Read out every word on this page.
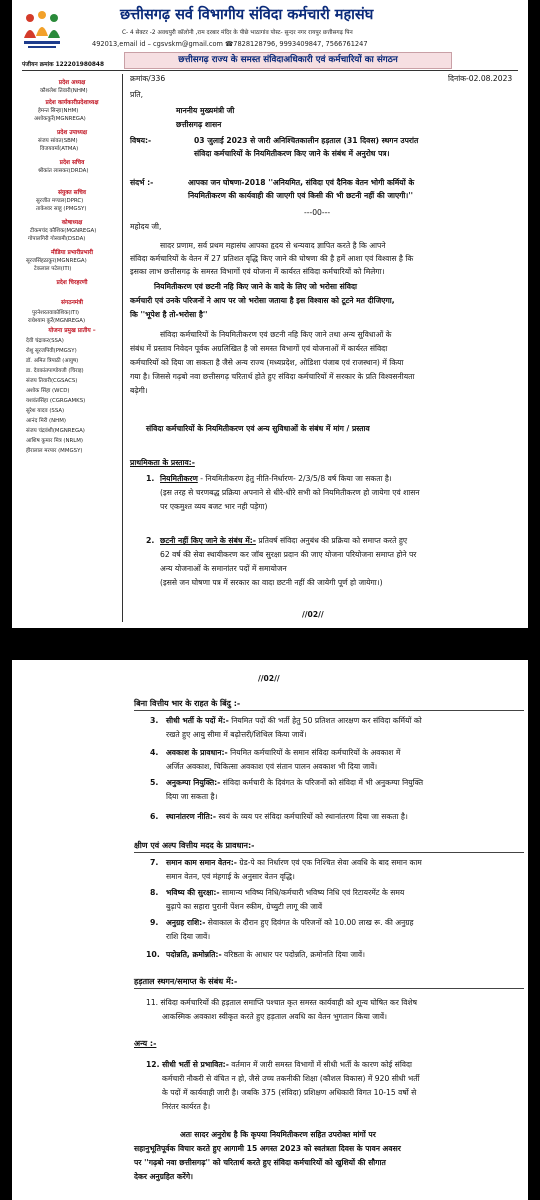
छत्तीसगढ़ सर्व विभागीय संविदा कर्मचारी महासंघ
C- 4 सेक्टर -2 अवधपुरी कॉलोनी ,राम दरबार मंदिर के पीछे भाठागांव पोस्ट- सुन्दर नगर रायपुर छत्तीसगढ़ पिन
492013,email id – cgsvskm@gmail.com ☎7828128796, 9993409847, 7566761247
पंजीयन क्रमांक 122201980848	छत्तीसगढ़ राज्य के समस्त संविदाअधिकारी एवं कर्मचारियों का संगठन
प्रदेश अध्यक्ष
कौशलेश तिवारी(NHM)
प्रदेश कार्यकारीप्रदेशाध्यक्ष
हेमन्त सिन्हा(NHM)
अशोककुर्रे(MGNREGA)
प्रदेश उपाध्यक्ष
संजय सांवत(SBM)
विजयवर्मा(ATMA)
प्रदेश सचिव
श्रीकांत लासकर(DRDA)
संयुक्त सचिव
सुरजीत मण्डल(DPRC)
ताकेश्वर साहू (PMGSY)
कोषाध्यक्ष
टीकमचंद कौशिक(MGNREGA)
गोपालगिरी गोस्वामी(DSDA)
मीडिया प्रभारीप्रभारी
सूरजसिंहठाकुर(MGNREGA)
टेकलाल पटेल(ITI)
प्रदेश चिरहरणी
संगठनमंत्री
पुरनेशरतवाकोशिक(ITI)
राधेश्याम कुर्रे(MGNREGA)
योजना प्रमुख प्रातीय –
देवी चंद्राकर(SSA)
रोशु सूरजपिवी(PMGSY)
डॉ. अमित त्रिपाठी (आयुष)
डा. देवकांतपाण्डेयजी (चिराइ)
संजय तिवारी(CGSACS)
अशोक सिंहा (WCD)
यशवंतसिंहा (CGRGAMKS)
सुरेश यादव (SSA)
आनंद मिरी (NHM)
संजय चंद्रवंशी(MGNREGA)
आशिष कुमार मित्र (NRLM)
हीरालाल मरपार (MMGSY)
क्रमांक/336	दिनांक-02.08.2023
प्रति,
माननीय मुख्यमंत्री जी
छत्तीसगढ़ शासन
विषय:-	03 जुलाई 2023 से जारी अनिश्चितकालीन हड़ताल (31 दिवस) स्थगन उपरांत
संविदा कर्मचारियों के नियमितीकरण किए जाने के संबंध में अनुरोध पत्र।
संदर्भ :-	आपका जन घोषणा-2018 ''अनियमित, संविदा एवं दैनिक वेतन भोगी कर्मियों के
नियमितीकरण की कार्यवाही की जाएगी एवं किसी की भी छटनी नहीं की जाएगी।''
---00---
महोदय जी,
सादर प्रणाम, सर्व प्रथम महासंघ आपका हृदय से धन्यवाद ज्ञापित करते है कि आपने
संविदा कर्मचारियों के वेतन में 27 प्रतिशत वृद्धि किए जाने की घोषणा की है हमें आशा एवं विश्वास है कि
इसका लाभ छत्तीसगढ़ के समस्त विभागों एवं योजना में कार्यरत संविदा कर्मचारियों को मिलेगा।
नियमितीकरण एवं छटनी नहि किए जाने के वादे के लिए जो भरोसा संविदा
कर्मचारी एवं उनके परिजनों ने आप पर जो भरोसा जताया है इस विश्वास को टूटने मत दीजिएगा,
कि ''भूपेश है तो-भरोसा है''
संविदा कर्मचारियों के नियमितीकरण एवं छटनी नहि किए जाने तथा अन्य सुविधाओं के
संबंध में प्रस्ताव निवेदन पूर्वक अग्रलिखित है जो समस्त विभागों एवं योजनाओं में कार्यरत संविदा
कर्मचारियों को दिया जा सकता है जैसे अन्य राज्य (मध्यप्रदेश, ओडिशा पंजाब एवं राजस्थान) में किया
गया है। जिससे गढ़बो नवा छत्तीसगढ़ चरितार्थ होते हुए संविदा कर्मचारियों में सरकार के प्रति विश्वसनीयता
बढ़ेगी।
संविदा कर्मचारियों के नियमितीकरण एवं अन्य सुविधाओं के संबंध में मांग / प्रस्ताव
प्राथमिकता के प्रस्ताव:-
1. नियमितीकरण - नियमितीकरण हेतु नीति-निर्धारण- 2/3/5/8 वर्ष किया जा सकता है।
(इस तरह से चरणबद्ध प्रक्रिया अपनाने से धीरे-धीरे सभी को नियमितीकरण हो जायेगा एवं शासन
पर एकमुश्त व्यय बजट भार नही पड़ेगा)
2. छटनी नहीं किए जाने के संबंध में:- प्रतिवर्ष संविदा अनुबंध की प्रक्रिया को समाप्त करते हुए
62 वर्ष की सेवा स्थायीकरण कर जॉब सुरक्षा प्रदान की जाए योजना परियोजना समाप्त होने पर
अन्य योजनाओं के समानांतर पदों में समायोजन
(इससे जन घोषणा पत्र में सरकार का वादा छटनी नहीं की जायेगी पूर्ण हो जायेगा।)
//02//
//02//
बिना वित्तीय भार के राहत के बिंदु :-
3. सीधी भर्ती के पदों में:- नियमित पदों की भर्ती हेतु 50 प्रतिशत आरक्षण कर संविदा कर्मियों को
रखते हुए आयु सीमा में बढ़ोत्तरी/शिथिल किया जावें।
4. अवकाश के प्रावधान:- नियमित कर्मचारियों के समान संविदा कर्मचारियों के अवकाश में
अर्जित अवकाश, चिकित्सा अवकाश एवं संतान पालन अवकाश भी दिया जावें।
5. अनुकम्पा नियुक्ति:- संविदा कर्मचारी के दिवंगत के परिजनों को संविदा में भी अनुकम्पा नियुक्ति
दिया जा सकता है।
6. स्थानांतरण नीति:- स्वयं के व्यय पर संविदा कर्मचारियों को स्थानांतरण दिया जा सकता है।
क्षीण एवं अल्प वित्तीय मदद के प्रावधान:-
7. समान काम समान वेतन:- ग्रेड-पे का निर्धारण एवं एक निश्चित सेवा अवधि के बाद समान काम
समान वेतन, एवं मंहगाई के अनुसार वेतन वृद्धि।
8. भविष्य की सुरक्षा:- सामान्य भविष्य निधि/कर्मचारी भविष्य निधि एवं रिटायरमेंट के समय
बुढ़ापे का सहारा पुरानी पेंशन स्कीम, ग्रेच्युटी लागू की जावें
9. अनुग्रह राशि:- सेवाकाल के दौरान हुए दिवंगत के परिजनों को 10.00 लाख रू. की अनुग्रह
राशि दिया जावें।
10. पदोन्नति, क्रमोन्नति:- वरिष्ठता के आधार पर पदोन्नति, क्रमोनति दिया जावें।
हड़ताल स्थगन/समाप्त के संबंध में:-
11. संविदा कर्मचारियों की हड़ताल समाप्ति पश्चात कृत समस्त कार्यवाही को शून्य घोषित कर विशेष
आकस्मिक अवकाश स्वीकृत करते हुए हड़ताल अवधि का वेतन भुगतान किया जावें।
अन्य :-
12. सीधी भर्ती से प्रभावित:- वर्तमान में जारी समस्त विभागों में सीधी भर्ती के कारण कोई संविदा
कर्मचारी नौकरी से वंचित न हो, जैसे उच्च तकनीकी शिक्षा (कौशल विकास) में 920 सीधी भर्ती
के पदों में कार्यवाही जारी है। जबकि 375 (संविदा) प्रशिक्षण अधिकारी विगत 10-15 वर्षो से
निरंतर कार्यरत है।
अतः सादर अनुरोध है कि कृपया नियमितीकरण सहित उपरोक्त मांगों पर
सहानुभूतिपूर्वक विचार करते हुए आगामी 15 अगस्त 2023 को स्वतंत्रता दिवस के पावन अवसर
पर ''गढ़बो नवा छत्तीसगढ़'' को चरितार्थ करते हुए संविदा कर्मचारियों को खुशियों की सौगात
देकर अनुग्रहित करेंगे।
